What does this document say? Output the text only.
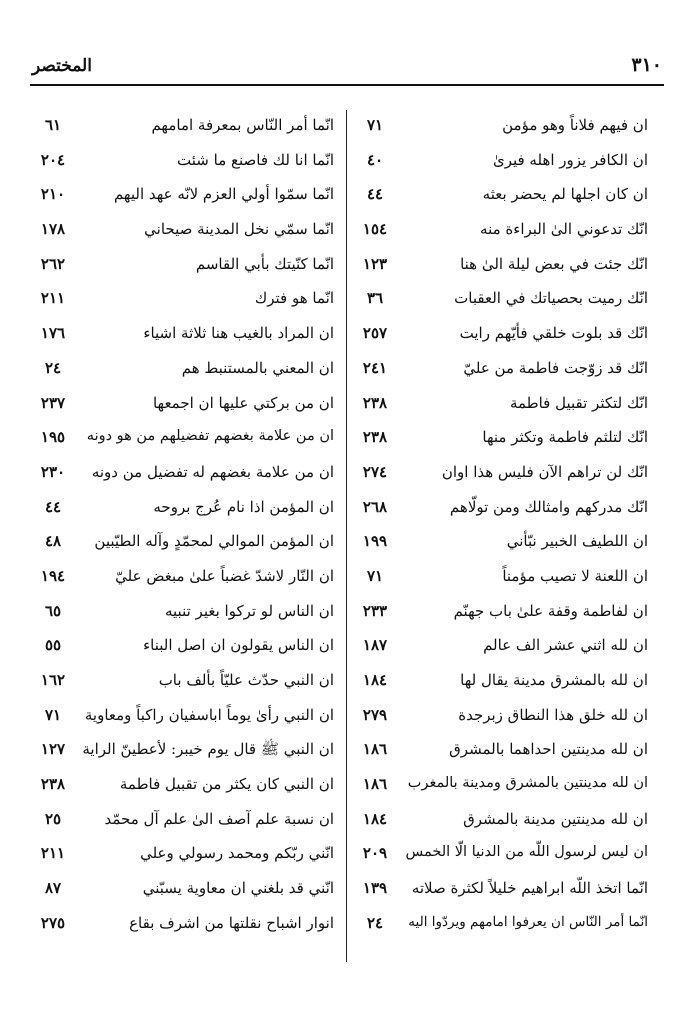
٣١٠
المختصر
ان فيهم فلاناً وهو مؤمن
٧١
ان الكافر يزور اهله فيرىٰ
٤٠
ان كان اجلها لم يحضر بعثه
٤٤
انّك تدعوني الىٰ البراءة منه
١٥٤
انّك جئت في بعض ليلة الىٰ هنا
١٢٣
انّك رميت بحصياتك في العقبات
٣٦
انّك قد بلوت خلقي فأيّهم رايت
٢٥٧
انّك قد زوّجت فاطمة من عليّ
٢٤١
انّك لتكثر تقبيل فاطمة
٢٣٨
انّك لتلثم فاطمة وتكثر منها
٢٣٨
انّك لن تراهم الآن فليس هذا اوان
٢٧٤
انّك مدركهم وامثالك ومن تولّاهم
٢٦٨
ان اللطيف الخبير نبّأني
١٩٩
ان اللعنة لا تصيب مؤمناً
٧١
ان لفاطمة وقفة علىٰ باب جهنّم
٢٣٣
ان لله اثني عشر الف عالم
١٨٧
ان لله بالمشرق مدينة يقال لها
١٨٤
ان لله خلق هذا النطاق زبرجدة
٢٧٩
ان لله مدينتين احداهما بالمشرق
١٨٦
ان لله مدينتين بالمشرق ومدينة بالمغرب
١٨٦
ان لله مدينتين مدينة بالمشرق
١٨٤
ان ليس لرسول اللّه من الدنيا الّا الخمس
٢٠٩
انّما اتخذ اللّه ابراهيم خليلاً لكثرة صلاته
١٣٩
انّما أمر النّاس ان يعرفوا امامهم ويردّوا اليه
٢٤
انّما أمر النّاس بمعرفة امامهم
٦١
انّما انا لك فاصنع ما شئت
٢٠٤
انّما سمّوا أولي العزم لانّه عهد اليهم
٢١٠
انّما سمّي نخل المدينة صيحاني
١٧٨
انّما كنّيتك بأبي القاسم
٢٦٢
انّما هو فترك
٢١١
ان المراد بالغيب هنا ثلاثة اشياء
١٧٦
ان المعني بالمستنبط هم
٢٤
ان من بركتي عليها ان اجمعها
٢٣٧
ان من علامة بغضهم تفضيلهم من هو دونه
١٩٥
ان من علامة بغضهم له تفضيل من دونه
٢٣٠
ان المؤمن اذا نام عُرج بروحه
٤٤
ان المؤمن الموالي لمحمّدٍ وآله الطيّبين
٤٨
ان النّار لاشدّ غضباً علىٰ مبغض عليّ
١٩٤
ان الناس لو تركوا بغير تنبيه
٦٥
ان الناس يقولون ان اصل البناء
٥٥
ان النبي حدّث عليّاً بألف باب
١٦٢
ان النبي رأىٰ يوماً اباسفيان راكباً ومعاوية
٧١
ان النبي ﷺ قال يوم خيبر: لأعطينّ الراية
١٢٧
ان النبي كان يكثر من تقبيل فاطمة
٢٣٨
ان نسبة علم آصف الىٰ علم آل محمّد
٢٥
انّني ربّكم ومحمد رسولي وعلي
٢١١
انّني قد بلغني ان معاوية يسبّني
٨٧
انوار اشباح نقلتها من اشرف بقاع
٢٧٥
